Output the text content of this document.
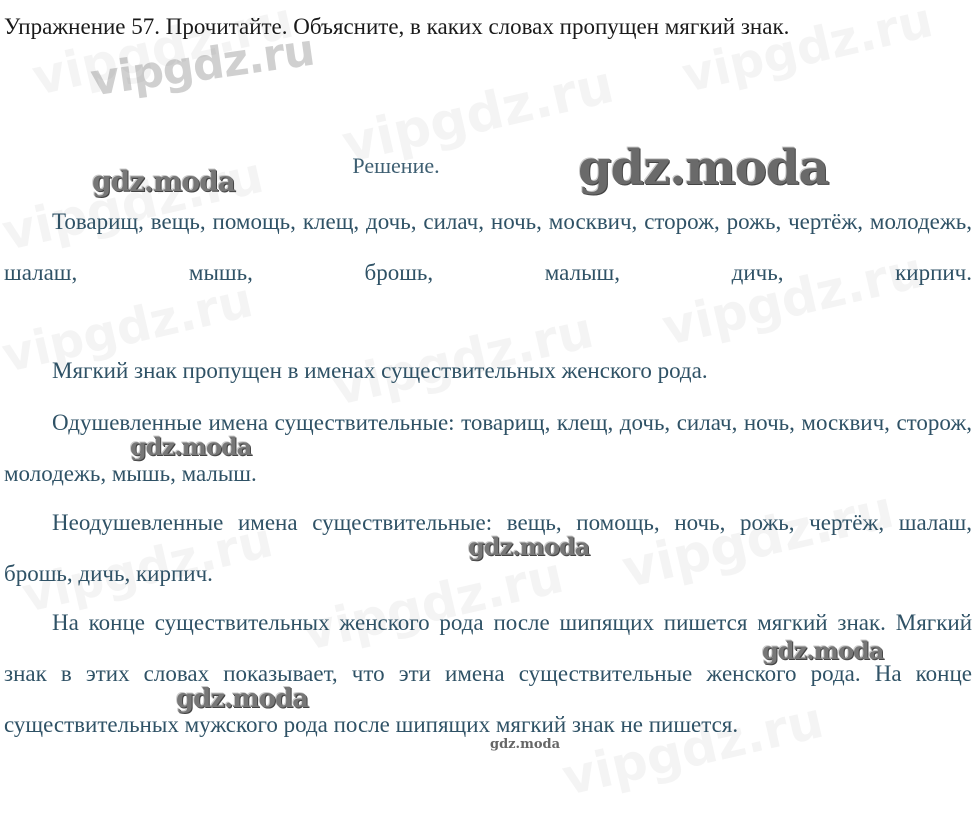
vipgdz.ru

Упражнение 57. Прочитайте. Объясните, в каких словах пропущен мягкий знак.

Решение.

Товарищ, вещь, помощь, клещ, дочь, силач, ночь, москвич, сторож, рожь, чертёж, молодежь, шалаш, мышь, брошь, малыш, дичь, кирпич.

Мягкий знак пропущен в именах существительных женского рода.

Одушевленные имена существительные: товарищ, клещ, дочь, силач, ночь, москвич, сторож, молодежь, мышь, малыш.

Неодушевленные имена существительные: вещь, помощь, ночь, рожь, чертёж, шалаш, брошь, дичь, кирпич.

На конце существительных женского рода после шипящих пишется мягкий знак. Мягкий знак в этих словах показывает, что эти имена существительные женского рода. На конце существительных мужского рода после шипящих мягкий знак не пишется.

gdz.moda	gdz.moda
gdz.moda
gdz.moda
gdz.moda
gdz.moda
gdz.moda
